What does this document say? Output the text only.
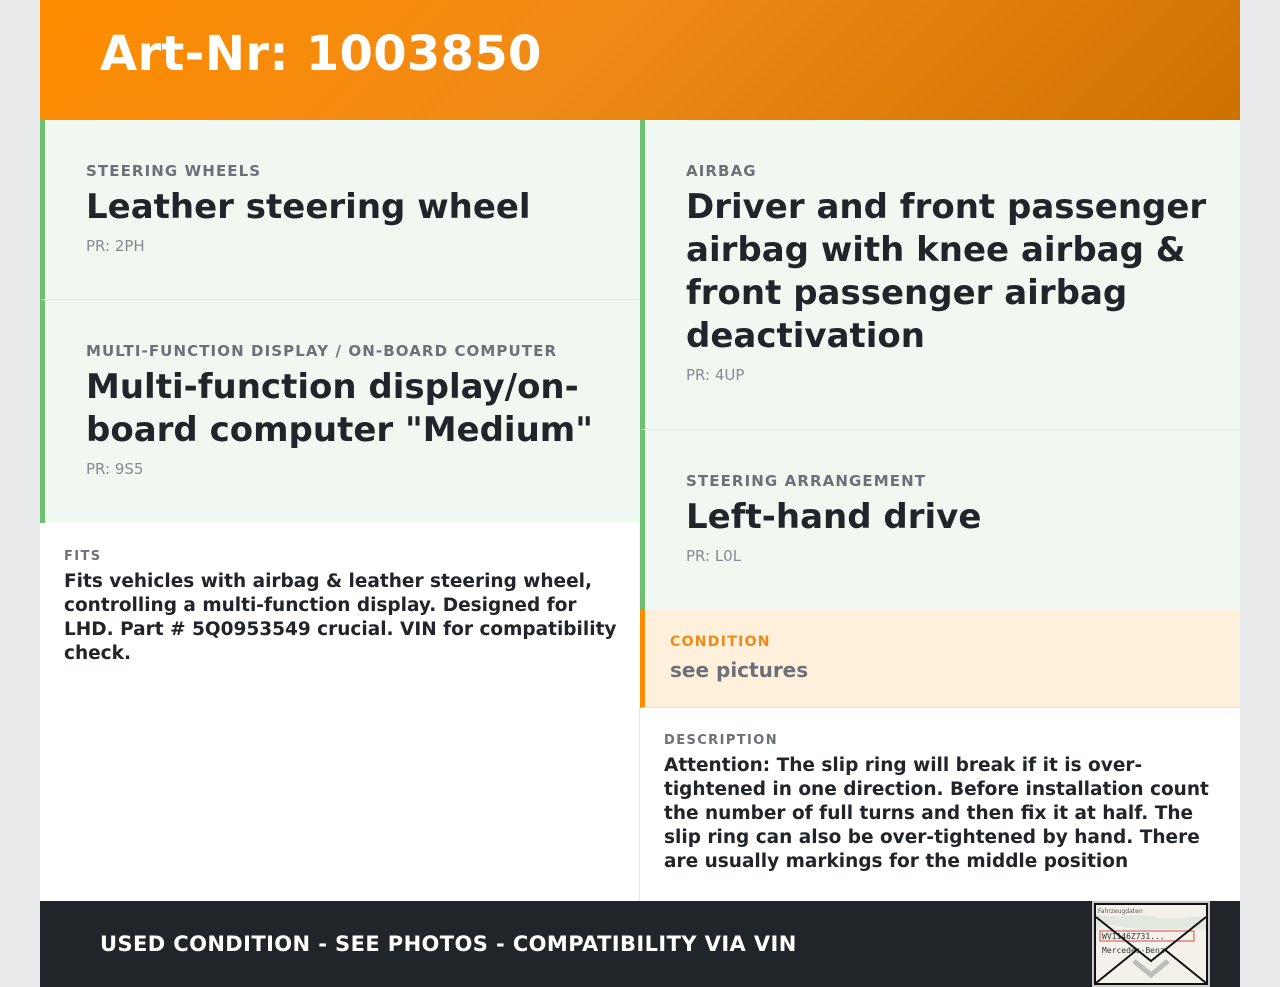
Art-Nr: 1003850
STEERING WHEELS
Leather steering wheel
PR: 2PH
MULTI-FUNCTION DISPLAY / ON-BOARD COMPUTER
Multi-function display/on-board computer "Medium"
PR: 9S5
AIRBAG
Driver and front passenger airbag with knee airbag & front passenger airbag deactivation
PR: 4UP
STEERING ARRANGEMENT
Left-hand drive
PR: L0L
FITS
Fits vehicles with airbag & leather steering wheel, controlling a multi-function display. Designed for LHD. Part # 5Q0953549 crucial. VIN for compatibility check.
CONDITION
see pictures
DESCRIPTION
Attention: The slip ring will break if it is over-tightened in one direction. Before installation count the number of full turns and then fix it at half. The slip ring can also be over-tightened by hand. There are usually markings for the middle position
USED CONDITION - SEE PHOTOS - COMPATIBILITY VIA VIN
Fahrzeugdaten
WV1146Z731...
Mercedes-Benz
